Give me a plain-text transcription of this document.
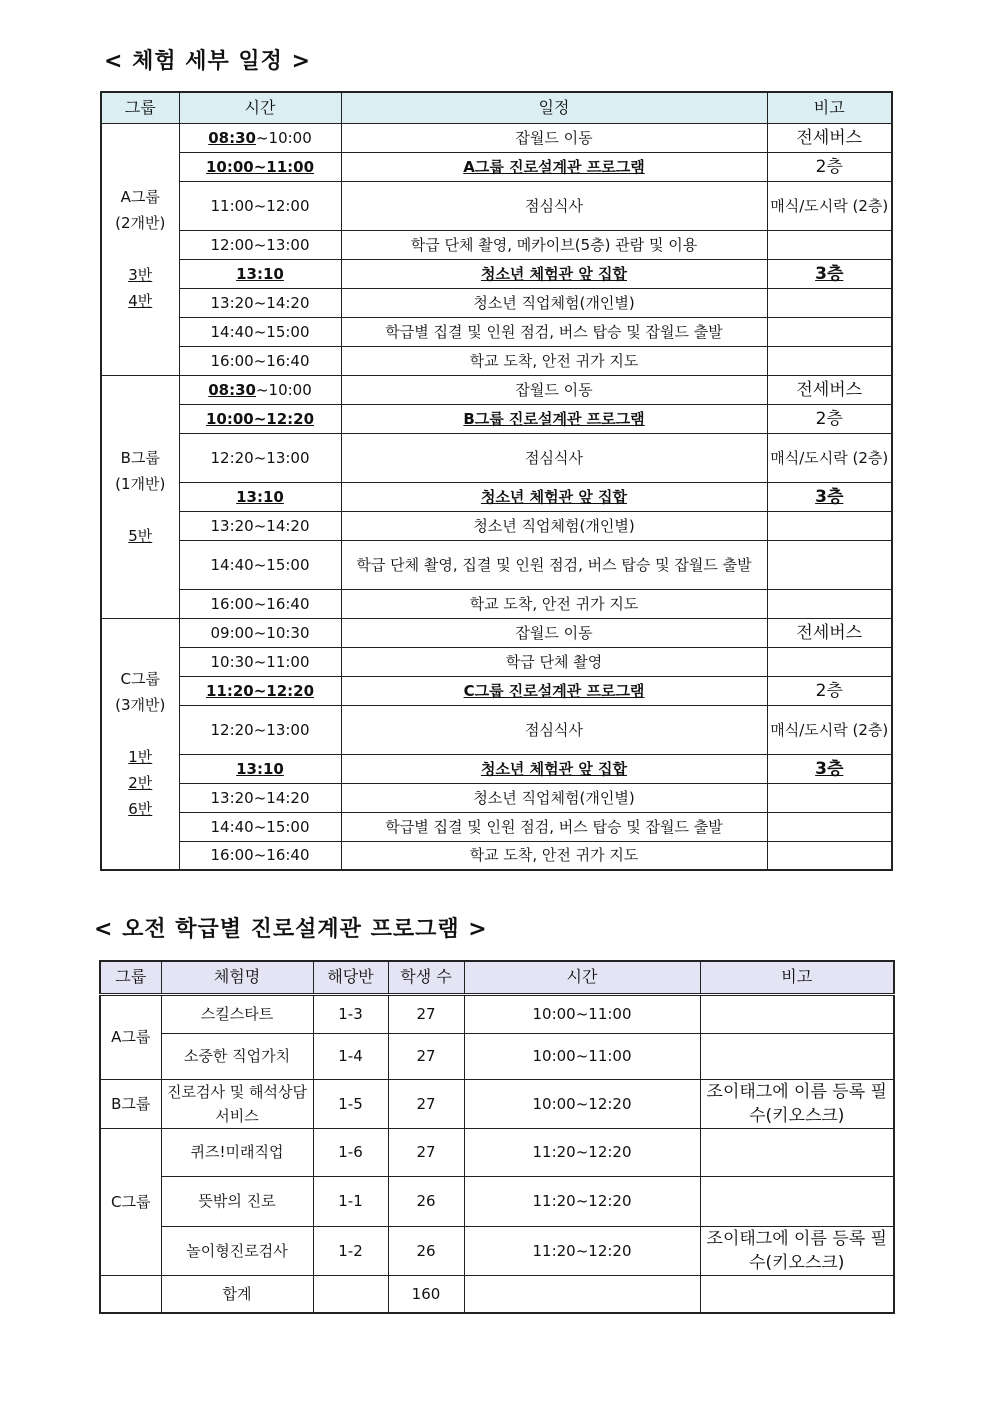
< 체험 세부 일정 >
그룹	시간	일정	비고
A그룹
(2개반)

3반
4반	08:30~10:00	잡월드 이동	전세버스
	10:00~11:00	A그룹 진로설계관 프로그램	2층
	11:00~12:00	점심식사	매식/도시락 (2층)
	12:00~13:00	학급 단체 촬영, 메카이브(5층) 관람 및 이용	
	13:10	청소년 체험관 앞 집합	3층
	13:20~14:20	청소년 직업체험(개인별)	
	14:40~15:00	학급별 집결 및 인원 점검, 버스 탑승 및 잡월드 출발	
	16:00~16:40	학교 도착, 안전 귀가 지도	
B그룹
(1개반)

5반	08:30~10:00	잡월드 이동	전세버스
	10:00~12:20	B그룹 진로설계관 프로그램	2층
	12:20~13:00	점심식사	매식/도시락 (2층)
	13:10	청소년 체험관 앞 집합	3층
	13:20~14:20	청소년 직업체험(개인별)	
	14:40~15:00	학급 단체 촬영, 집결 및 인원 점검, 버스 탑승 및 잡월드 출발	
	16:00~16:40	학교 도착, 안전 귀가 지도	
C그룹
(3개반)

1반
2반
6반	09:00~10:30	잡월드 이동	전세버스
	10:30~11:00	학급 단체 촬영	
	11:20~12:20	C그룹 진로설계관 프로그램	2층
	12:20~13:00	점심식사	매식/도시락 (2층)
	13:10	청소년 체험관 앞 집합	3층
	13:20~14:20	청소년 직업체험(개인별)	
	14:40~15:00	학급별 집결 및 인원 점검, 버스 탑승 및 잡월드 출발	
	16:00~16:40	학교 도착, 안전 귀가 지도	
< 오전 학급별 진로설계관 프로그램 >
그룹	체험명	해당반	학생 수	시간	비고
A그룹	스킬스타트	1-3	27	10:00~11:00	
	소중한 직업가치	1-4	27	10:00~11:00	
B그룹	진로검사 및 해석상담서비스	1-5	27	10:00~12:20	조이태그에 이름 등록 필수(키오스크)
C그룹	퀴즈!미래직업	1-6	27	11:20~12:20	
	뜻밖의 진로	1-1	26	11:20~12:20	
	놀이형진로검사	1-2	26	11:20~12:20	조이태그에 이름 등록 필수(키오스크)
	합계		160		
